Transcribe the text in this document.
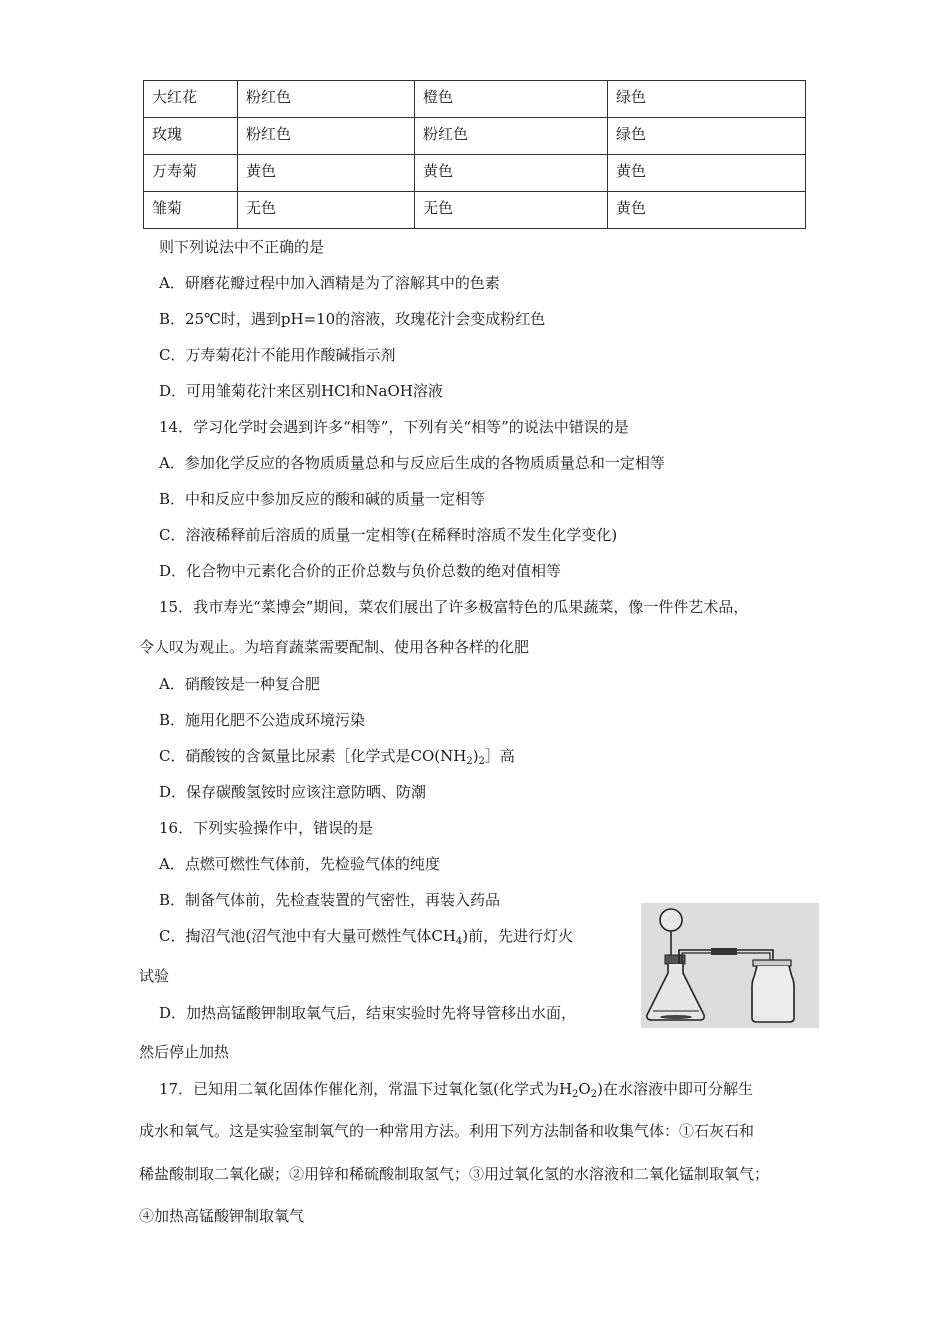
大红花	粉红色	橙色	绿色
玫瑰	粉红色	粉红色	绿色
万寿菊	黄色	黄色	黄色
雏菊	无色	无色	黄色
则下列说法中不正确的是
A．研磨花瓣过程中加入酒精是为了溶解其中的色素
B．25℃时，遇到pH=10的溶液，玫瑰花汁会变成粉红色
C．万寿菊花汁不能用作酸碱指示剂
D．可用雏菊花汁来区别HCl和NaOH溶液
14．学习化学时会遇到许多“相等”，下列有关“相等”的说法中错误的是
A．参加化学反应的各物质质量总和与反应后生成的各物质质量总和一定相等
B．中和反应中参加反应的酸和碱的质量一定相等
C．溶液稀释前后溶质的质量一定相等(在稀释时溶质不发生化学变化)
D．化合物中元素化合价的正价总数与负价总数的绝对值相等
15．我市寿光“菜博会”期间，菜农们展出了许多极富特色的瓜果蔬菜，像一件件艺术品，
令人叹为观止。为培育蔬菜需要配制、使用各种各样的化肥
A．硝酸铵是一种复合肥
B．施用化肥不公造成环境污染
C．硝酸铵的含氮量比尿素［化学式是$CO(NH_2)_2]$高
D．保存碳酸氢铵时应该注意防晒、防潮
16．下列实验操作中，错误的是
A．点燃可燃性气体前，先检验气体的纯度
B．制备气体前，先检查装置的气密性，再装入药品
C．掏沼气池(沼气池中有大量可燃性气体$CH_4$)前，先进行灯火
试验
D．加热高锰酸钾制取氧气后，结束实验时先将导管移出水面，
然后停止加热
17．已知用二氧化固体作催化剂，常温下过氧化氢(化学式为$H_2O_2$)在水溶液中即可分解生
成水和氧气。这是实验室制氧气的一种常用方法。利用下列方法制备和收集气体：①石灰石和
稀盐酸制取二氧化碳；②用锌和稀硫酸制取氢气；③用过氧化氢的水溶液和二氧化锰制取氧气；
④加热高锰酸钾制取氧气
